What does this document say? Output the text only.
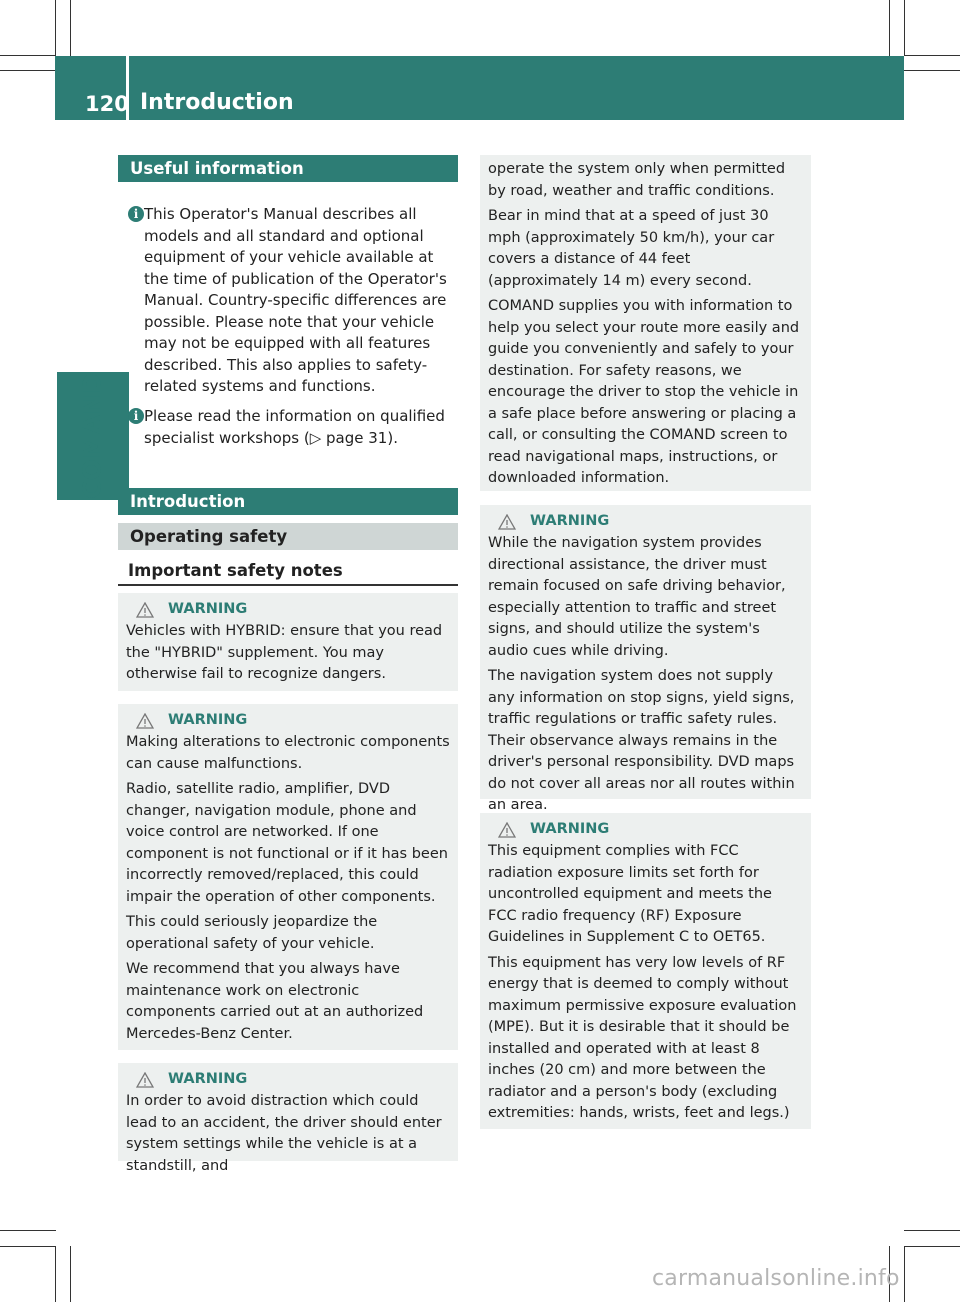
120 Introduction
COMAND
Useful information
i This Operator's Manual describes all models and all standard and optional equipment of your vehicle available at the time of publication of the Operator's Manual. Country-specific differences are possible. Please note that your vehicle may not be equipped with all features described. This also applies to safety-related systems and functions.
i Please read the information on qualified specialist workshops (▷ page 31).
Introduction
Operating safety
Important safety notes
WARNING

Vehicles with HYBRID: ensure that you read the "HYBRID" supplement. You may otherwise fail to recognize dangers.

WARNING

Making alterations to electronic components can cause malfunctions.

Radio, satellite radio, amplifier, DVD changer, navigation module, phone and voice control are networked. If one component is not functional or if it has been incorrectly removed/replaced, this could impair the operation of other components.

This could seriously jeopardize the operational safety of your vehicle.

We recommend that you always have maintenance work on electronic components carried out at an authorized Mercedes-Benz Center.

WARNING

In order to avoid distraction which could lead to an accident, the driver should enter system settings while the vehicle is at a standstill, and

operate the system only when permitted by road, weather and traffic conditions.

Bear in mind that at a speed of just 30 mph (approximately 50 km/h), your car covers a distance of 44 feet (approximately 14 m) every second.

COMAND supplies you with information to help you select your route more easily and guide you conveniently and safely to your destination. For safety reasons, we encourage the driver to stop the vehicle in a safe place before answering or placing a call, or consulting the COMAND screen to read navigational maps, instructions, or downloaded information.

WARNING

While the navigation system provides directional assistance, the driver must remain focused on safe driving behavior, especially attention to traffic and street signs, and should utilize the system's audio cues while driving.

The navigation system does not supply any information on stop signs, yield signs, traffic regulations or traffic safety rules. Their observance always remains in the driver's personal responsibility. DVD maps do not cover all areas nor all routes within an area.

WARNING

This equipment complies with FCC radiation exposure limits set forth for uncontrolled equipment and meets the FCC radio frequency (RF) Exposure Guidelines in Supplement C to OET65.

This equipment has very low levels of RF energy that is deemed to comply without maximum permissive exposure evaluation (MPE). But it is desirable that it should be installed and operated with at least 8 inches (20 cm) and more between the radiator and a person's body (excluding extremities: hands, wrists, feet and legs.)

carmanualsonline.info
